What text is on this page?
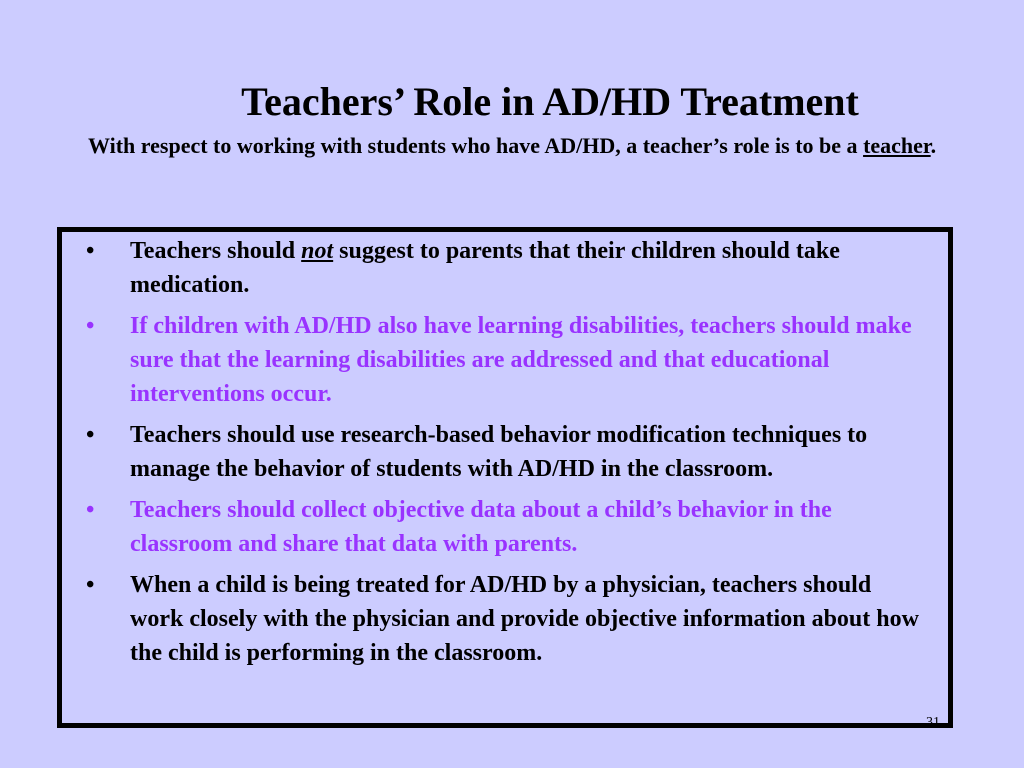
Teachers’ Role in AD/HD Treatment
With respect to working with students who have AD/HD, a teacher’s role is to be a teacher.
•	Teachers should not suggest to parents that their children should take medication.
•	If children with AD/HD also have learning disabilities, teachers should make sure that the learning disabilities are addressed and that educational interventions occur.
•	Teachers should use research-based behavior modification techniques to manage the behavior of students with AD/HD in the classroom.
•	Teachers should collect objective data about a child’s behavior in the classroom and share that data with parents.
•	When a child is being treated for AD/HD by a physician, teachers should work closely with the physician and provide objective information about how the child is performing in the classroom.
31
